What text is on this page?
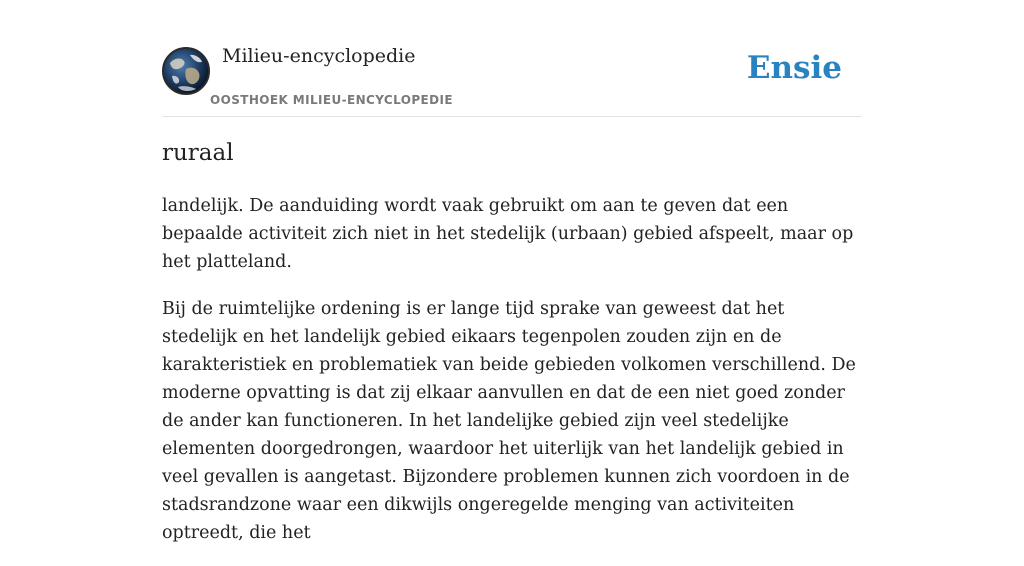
Milieu-encyclopedie
OOSTHOEK MILIEU-ENCYCLOPEDIE
Ensie
ruraal

landelijk. De aanduiding wordt vaak gebruikt om aan te geven dat een bepaalde activiteit zich niet in het stedelijk (urbaan) gebied afspeelt, maar op het platteland.

Bij de ruimtelijke ordening is er lange tijd sprake van geweest dat het stedelijk en het landelijk gebied eikaars tegenpolen zouden zijn en de karakteristiek en problematiek van beide gebieden volkomen verschillend. De moderne opvatting is dat zij elkaar aanvullen en dat de een niet goed zonder de ander kan functioneren. In het landelijke gebied zijn veel stedelijke elementen doorgedrongen, waardoor het uiterlijk van het landelijk gebied in veel gevallen is aangetast. Bijzondere problemen kunnen zich voordoen in de stadsrandzone waar een dikwijls ongeregelde menging van activiteiten optreedt, die het
